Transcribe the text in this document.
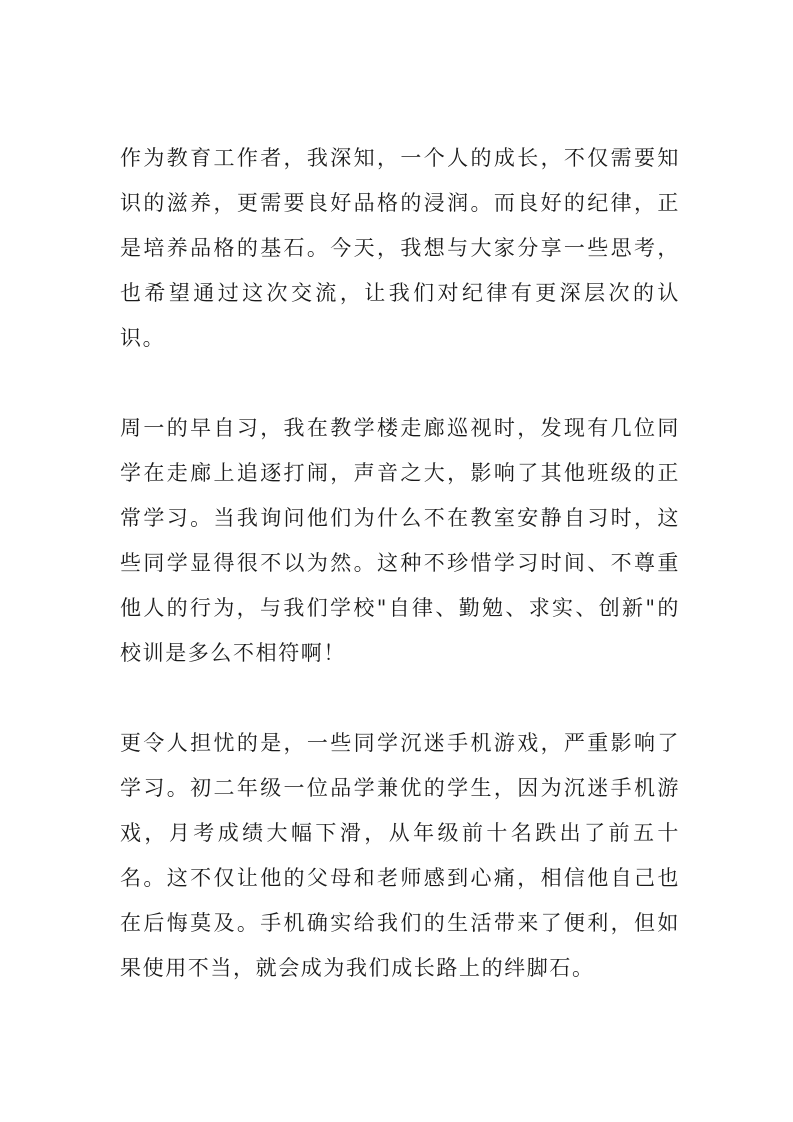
作为教育工作者，我深知，一个人的成长，不仅需要知识的滋养，更需要良好品格的浸润。而良好的纪律，正是培养品格的基石。今天，我想与大家分享一些思考，也希望通过这次交流，让我们对纪律有更深层次的认识。

周一的早自习，我在教学楼走廊巡视时，发现有几位同学在走廊上追逐打闹，声音之大，影响了其他班级的正常学习。当我询问他们为什么不在教室安静自习时，这些同学显得很不以为然。这种不珍惜学习时间、不尊重他人的行为，与我们学校"自律、勤勉、求实、创新"的校训是多么不相符啊！

更令人担忧的是，一些同学沉迷手机游戏，严重影响了学习。初二年级一位品学兼优的学生，因为沉迷手机游戏，月考成绩大幅下滑，从年级前十名跌出了前五十名。这不仅让他的父母和老师感到心痛，相信他自己也在后悔莫及。手机确实给我们的生活带来了便利，但如果使用不当，就会成为我们成长路上的绊脚石。
